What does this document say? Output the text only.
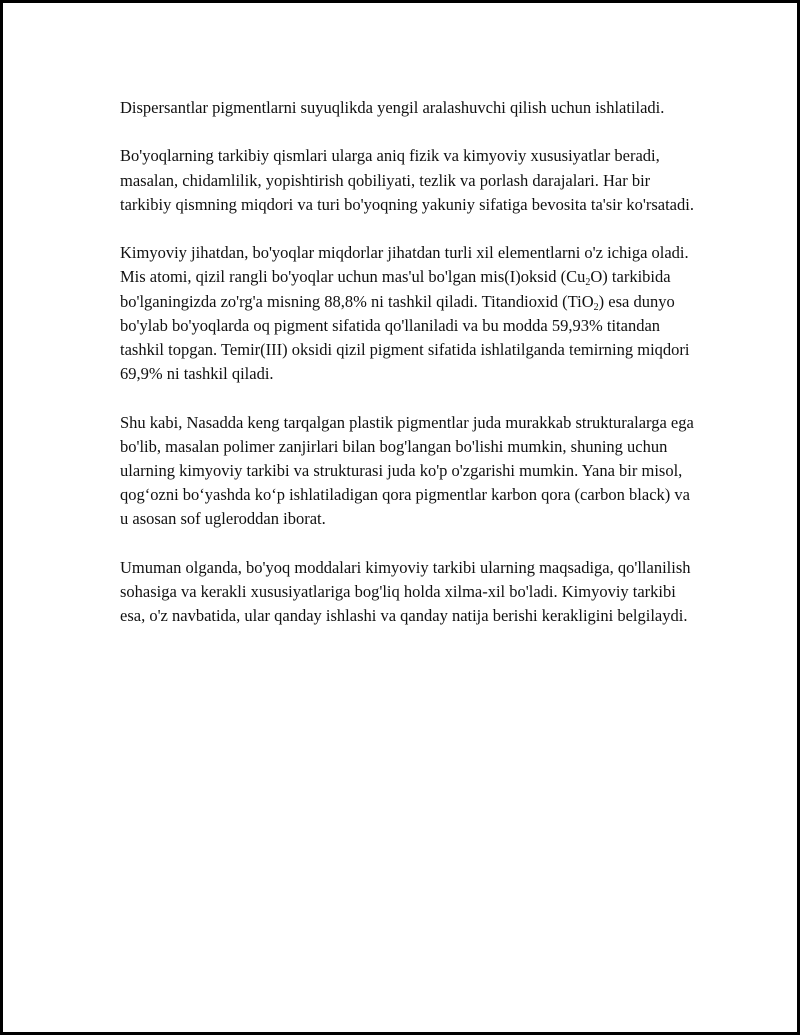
Dispersantlar pigmentlarni suyuqlikda yengil aralashuvchi qilish uchun ishlatiladi.

Bo'yoqlarning tarkibiy qismlari ularga aniq fizik va kimyoviy xususiyatlar beradi, masalan, chidamlilik, yopishtirish qobiliyati, tezlik va porlash darajalari. Har bir tarkibiy qismning miqdori va turi bo'yoqning yakuniy sifatiga bevosita ta'sir ko'rsatadi.

Kimyoviy jihatdan, bo'yoqlar miqdorlar jihatdan turli xil elementlarni o'z ichiga oladi. Mis atomi, qizil rangli bo'yoqlar uchun mas'ul bo'lgan mis(I)oksid $(Cu_2O)$ tarkibida bo'lganingizda zo'rg'a misning 88,8% ni tashkil qiladi. Titandioxid (TiO$_2$) esa dunyo bo'ylab bo'yoqlarda oq pigment sifatida qo'llaniladi va bu modda 59,93% titandan tashkil topgan. Temir(III) oksidi qizil pigment sifatida ishlatilganda temirning miqdori 69,9% ni tashkil qiladi.

Shu kabi, Nasadda keng tarqalgan plastik pigmentlar juda murakkab strukturalarga ega bo'lib, masalan polimer zanjirlari bilan bog'langan bo'lishi mumkin, shuning uchun ularning kimyoviy tarkibi va strukturasi juda ko'p o'zgarishi mumkin. Yana bir misol, qog‘ozni bo‘yashda ko‘p ishlatiladigan qora pigmentlar karbon qora (carbon black) va u asosan sof ugleroddan iborat.

Umuman olganda, bo'yoq moddalari kimyoviy tarkibi ularning maqsadiga, qo'llanilish sohasiga va kerakli xususiyatlariga bog'liq holda xilma-xil bo'ladi. Kimyoviy tarkibi esa, o'z navbatida, ular qanday ishlashi va qanday natija berishi kerakligini belgilaydi.
